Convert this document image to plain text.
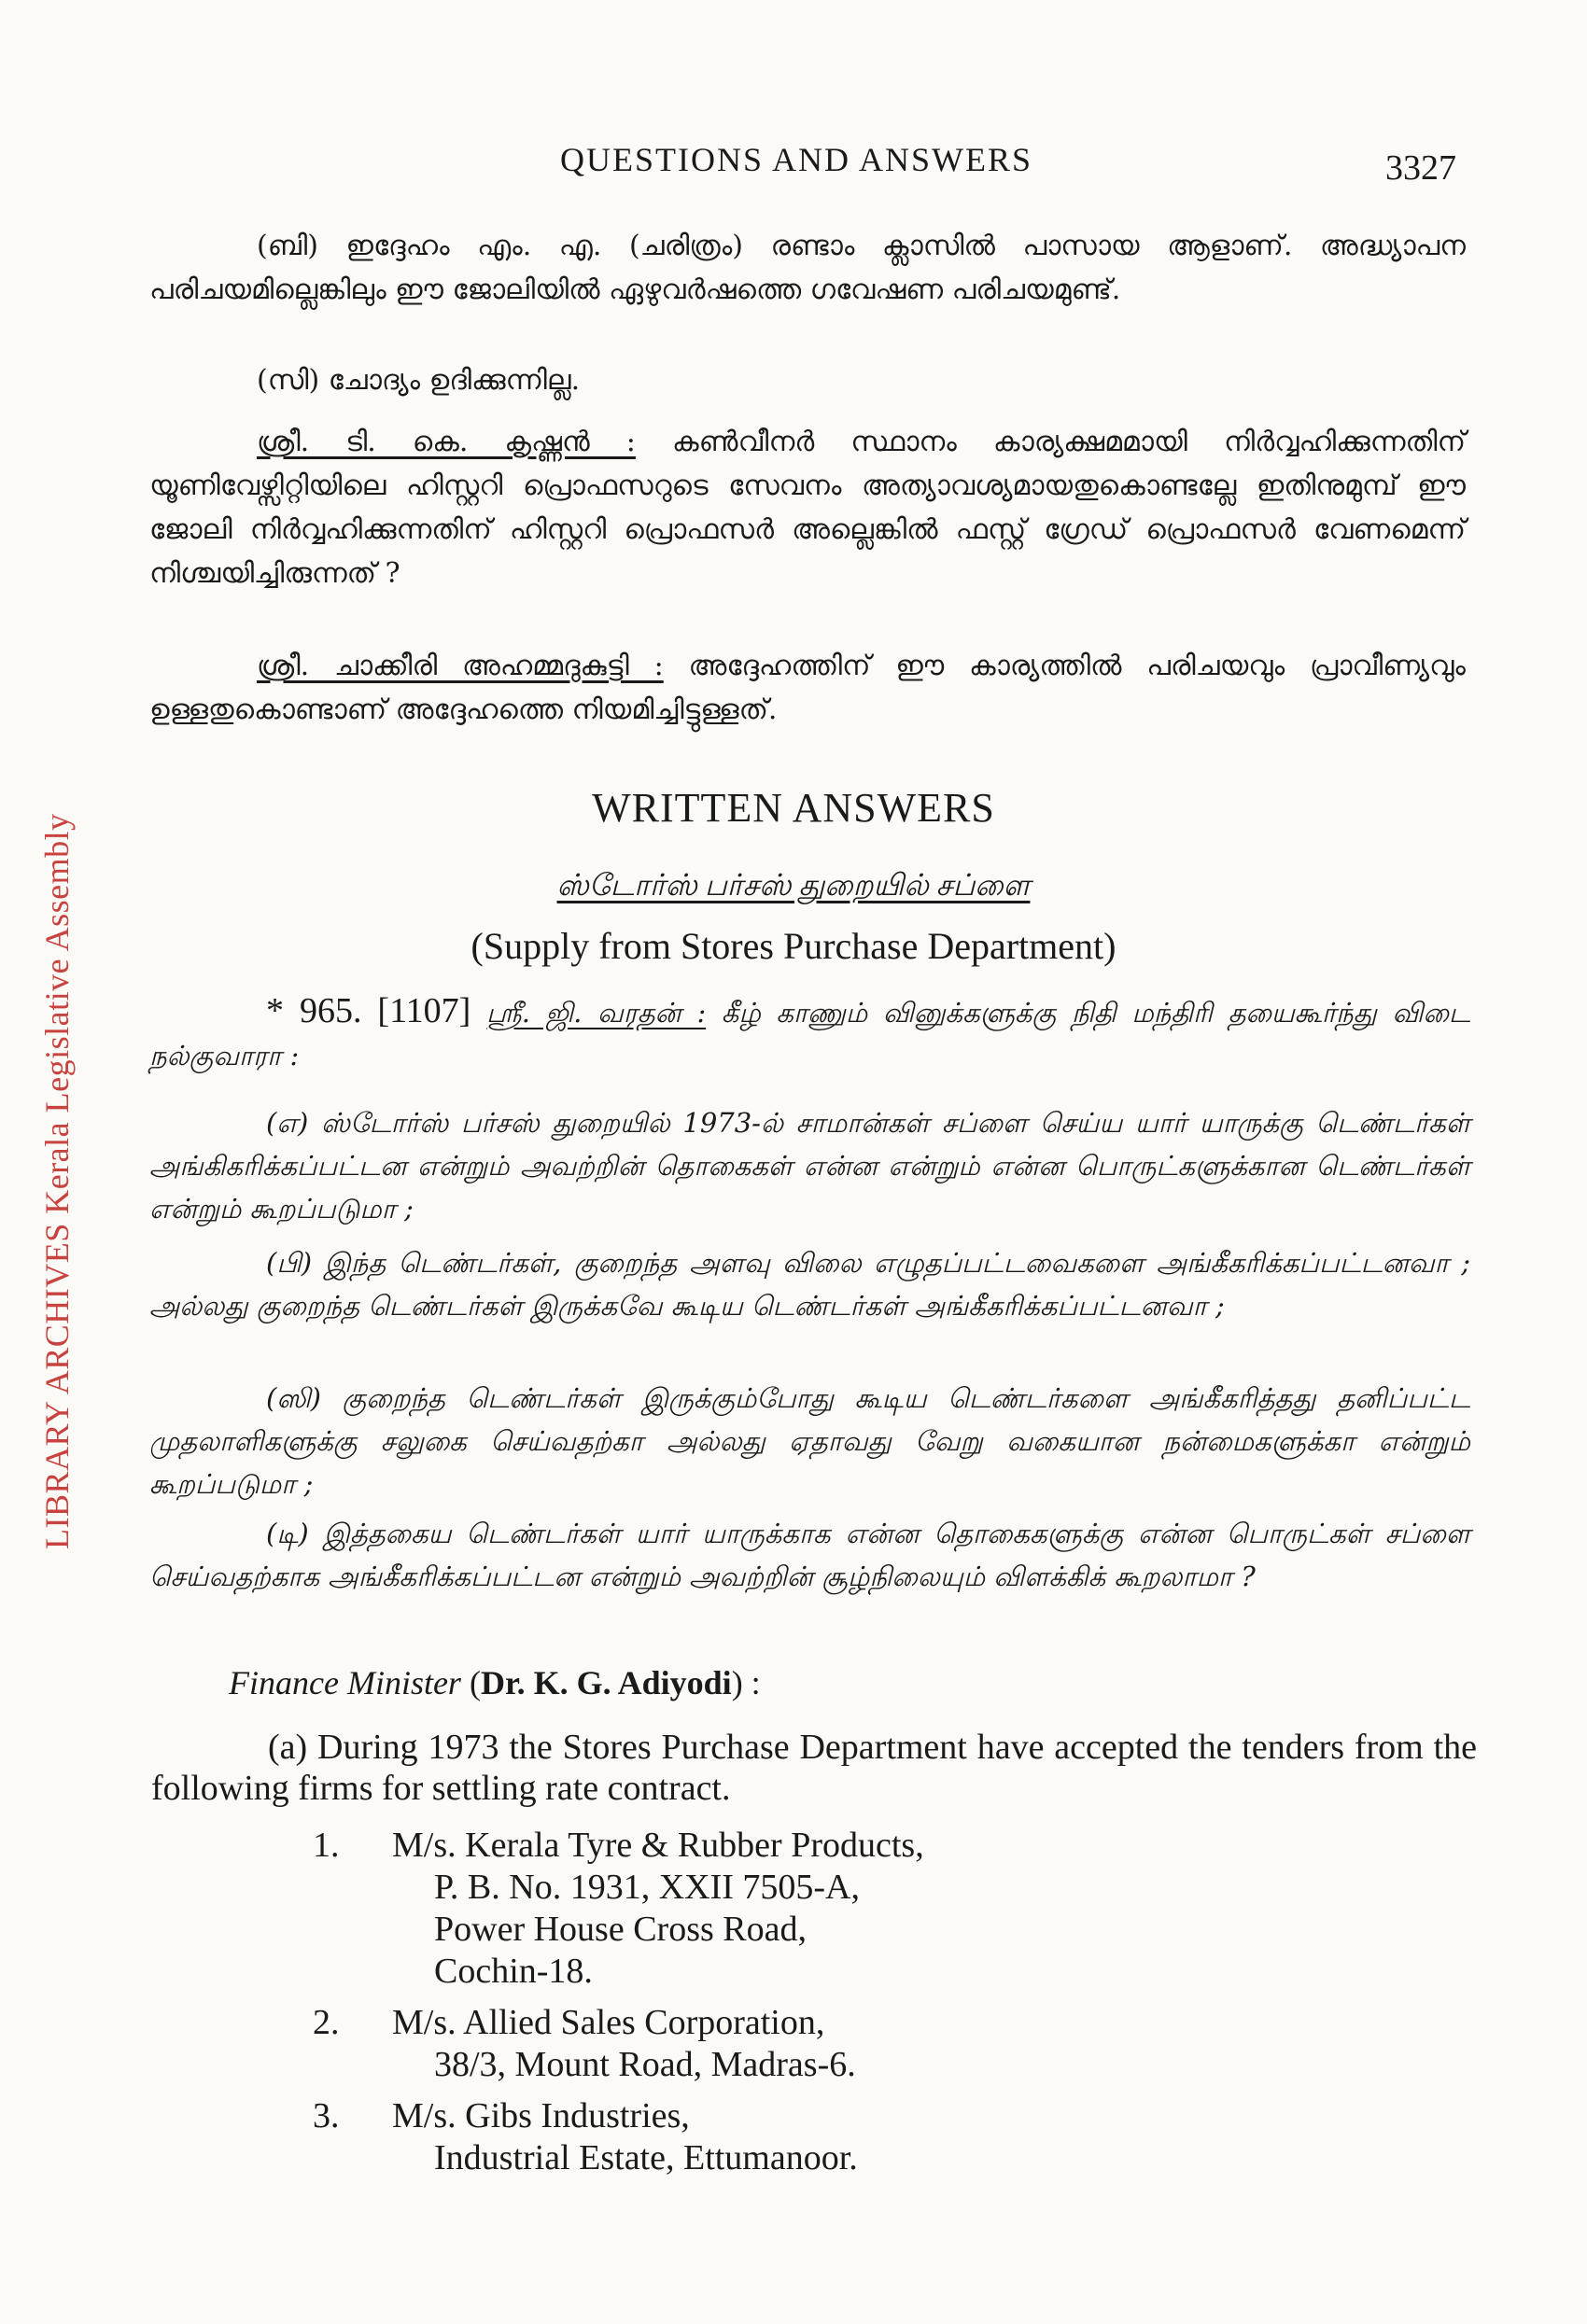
LIBRARY ARCHIVES Kerala Legislative Assembly
QUESTIONS AND ANSWERS	3327
(ബി) ഇദ്ദേഹം എം. എ. (ചരിത്രം) രണ്ടാം ക്ലാസിൽ പാസായ ആളാണ്. അദ്ധ്യാപന പരിചയമില്ലെങ്കിലും ഈ ജോലിയിൽ ഏഴുവർഷത്തെ ഗവേഷണ പരിചയമുണ്ട്.
(സി) ചോദ്യം ഉദിക്കുന്നില്ല.
ശ്രീ. ടി. കെ. കൃഷ്ണൻ : കൺവീനർ സ്ഥാനം കാര്യക്ഷമമായി നിർവ്വഹിക്കുന്നതിന് യൂണിവേഴ്സിറ്റിയിലെ ഹിസ്റ്ററി പ്രൊഫസറുടെ സേവനം അത്യാവശ്യമായതുകൊണ്ടല്ലേ ഇതിനുമുമ്പ് ഈ ജോലി നിർവ്വഹിക്കുന്നതിന് ഹിസ്റ്ററി പ്രൊഫസർ അല്ലെങ്കിൽ ഫസ്റ്റ് ഗ്രേഡ് പ്രൊഫസർ വേണമെന്ന് നിശ്ചയിച്ചിരുന്നത് ?
ശ്രീ. ചാക്കീരി അഹമ്മദുകുട്ടി : അദ്ദേഹത്തിന് ഈ കാര്യത്തിൽ പരിചയവും പ്രാവീണ്യവും ഉള്ളതുകൊണ്ടാണ് അദ്ദേഹത്തെ നിയമിച്ചിട്ടുള്ളത്.
WRITTEN ANSWERS
ஸ்டோர்ஸ் பர்சஸ் துறையில் சப்ளை
(Supply from Stores Purchase Department)
* 965. [1107] ஸ்ரீ. ஜி. வரதன் : கீழ் காணும் வினுக்களுக்கு நிதி மந்திரி தயைகூர்ந்து விடை நல்குவாரா :
(எ) ஸ்டோர்ஸ் பர்சஸ் துறையில் 1973-ல் சாமான்கள் சப்ளை செய்ய யார் யாருக்கு டெண்டர்கள் அங்கிகரிக்கப்பட்டன என்றும் அவற்றின் தொகைகள் என்ன என்றும் என்ன பொருட்களுக்கான டெண்டர்கள் என்றும் கூறப்படுமா ;
(பி) இந்த டெண்டர்கள், குறைந்த அளவு விலை எழுதப்பட்டவைகளை அங்கீகரிக்கப்பட்டனவா ; அல்லது குறைந்த டெண்டர்கள் இருக்கவே கூடிய டெண்டர்கள் அங்கீகரிக்கப்பட்டனவா ;
(ஸி) குறைந்த டெண்டர்கள் இருக்கும்போது கூடிய டெண்டர்களை அங்கீகரித்தது தனிப்பட்ட முதலாளிகளுக்கு சலுகை செய்வதற்கா அல்லது ஏதாவது வேறு வகையான நன்மைகளுக்கா என்றும் கூறப்படுமா ;
(டி) இத்தகைய டெண்டர்கள் யார் யாருக்காக என்ன தொகைகளுக்கு என்ன பொருட்கள் சப்ளை செய்வதற்காக அங்கீகரிக்கப்பட்டன என்றும் அவற்றின் சூழ்நிலையும் விளக்கிக் கூறலாமா ?
Finance Minister (Dr. K. G. Adiyodi) :
(a) During 1973 the Stores Purchase Department have accepted the tenders from the following firms for settling rate contract.
1. M/s. Kerala Tyre & Rubber Products,
P. B. No. 1931, XXII 7505-A,
Power House Cross Road,
Cochin-18.
2. M/s. Allied Sales Corporation,
38/3, Mount Road, Madras-6.
3. M/s. Gibs Industries,
Industrial Estate, Ettumanoor.
